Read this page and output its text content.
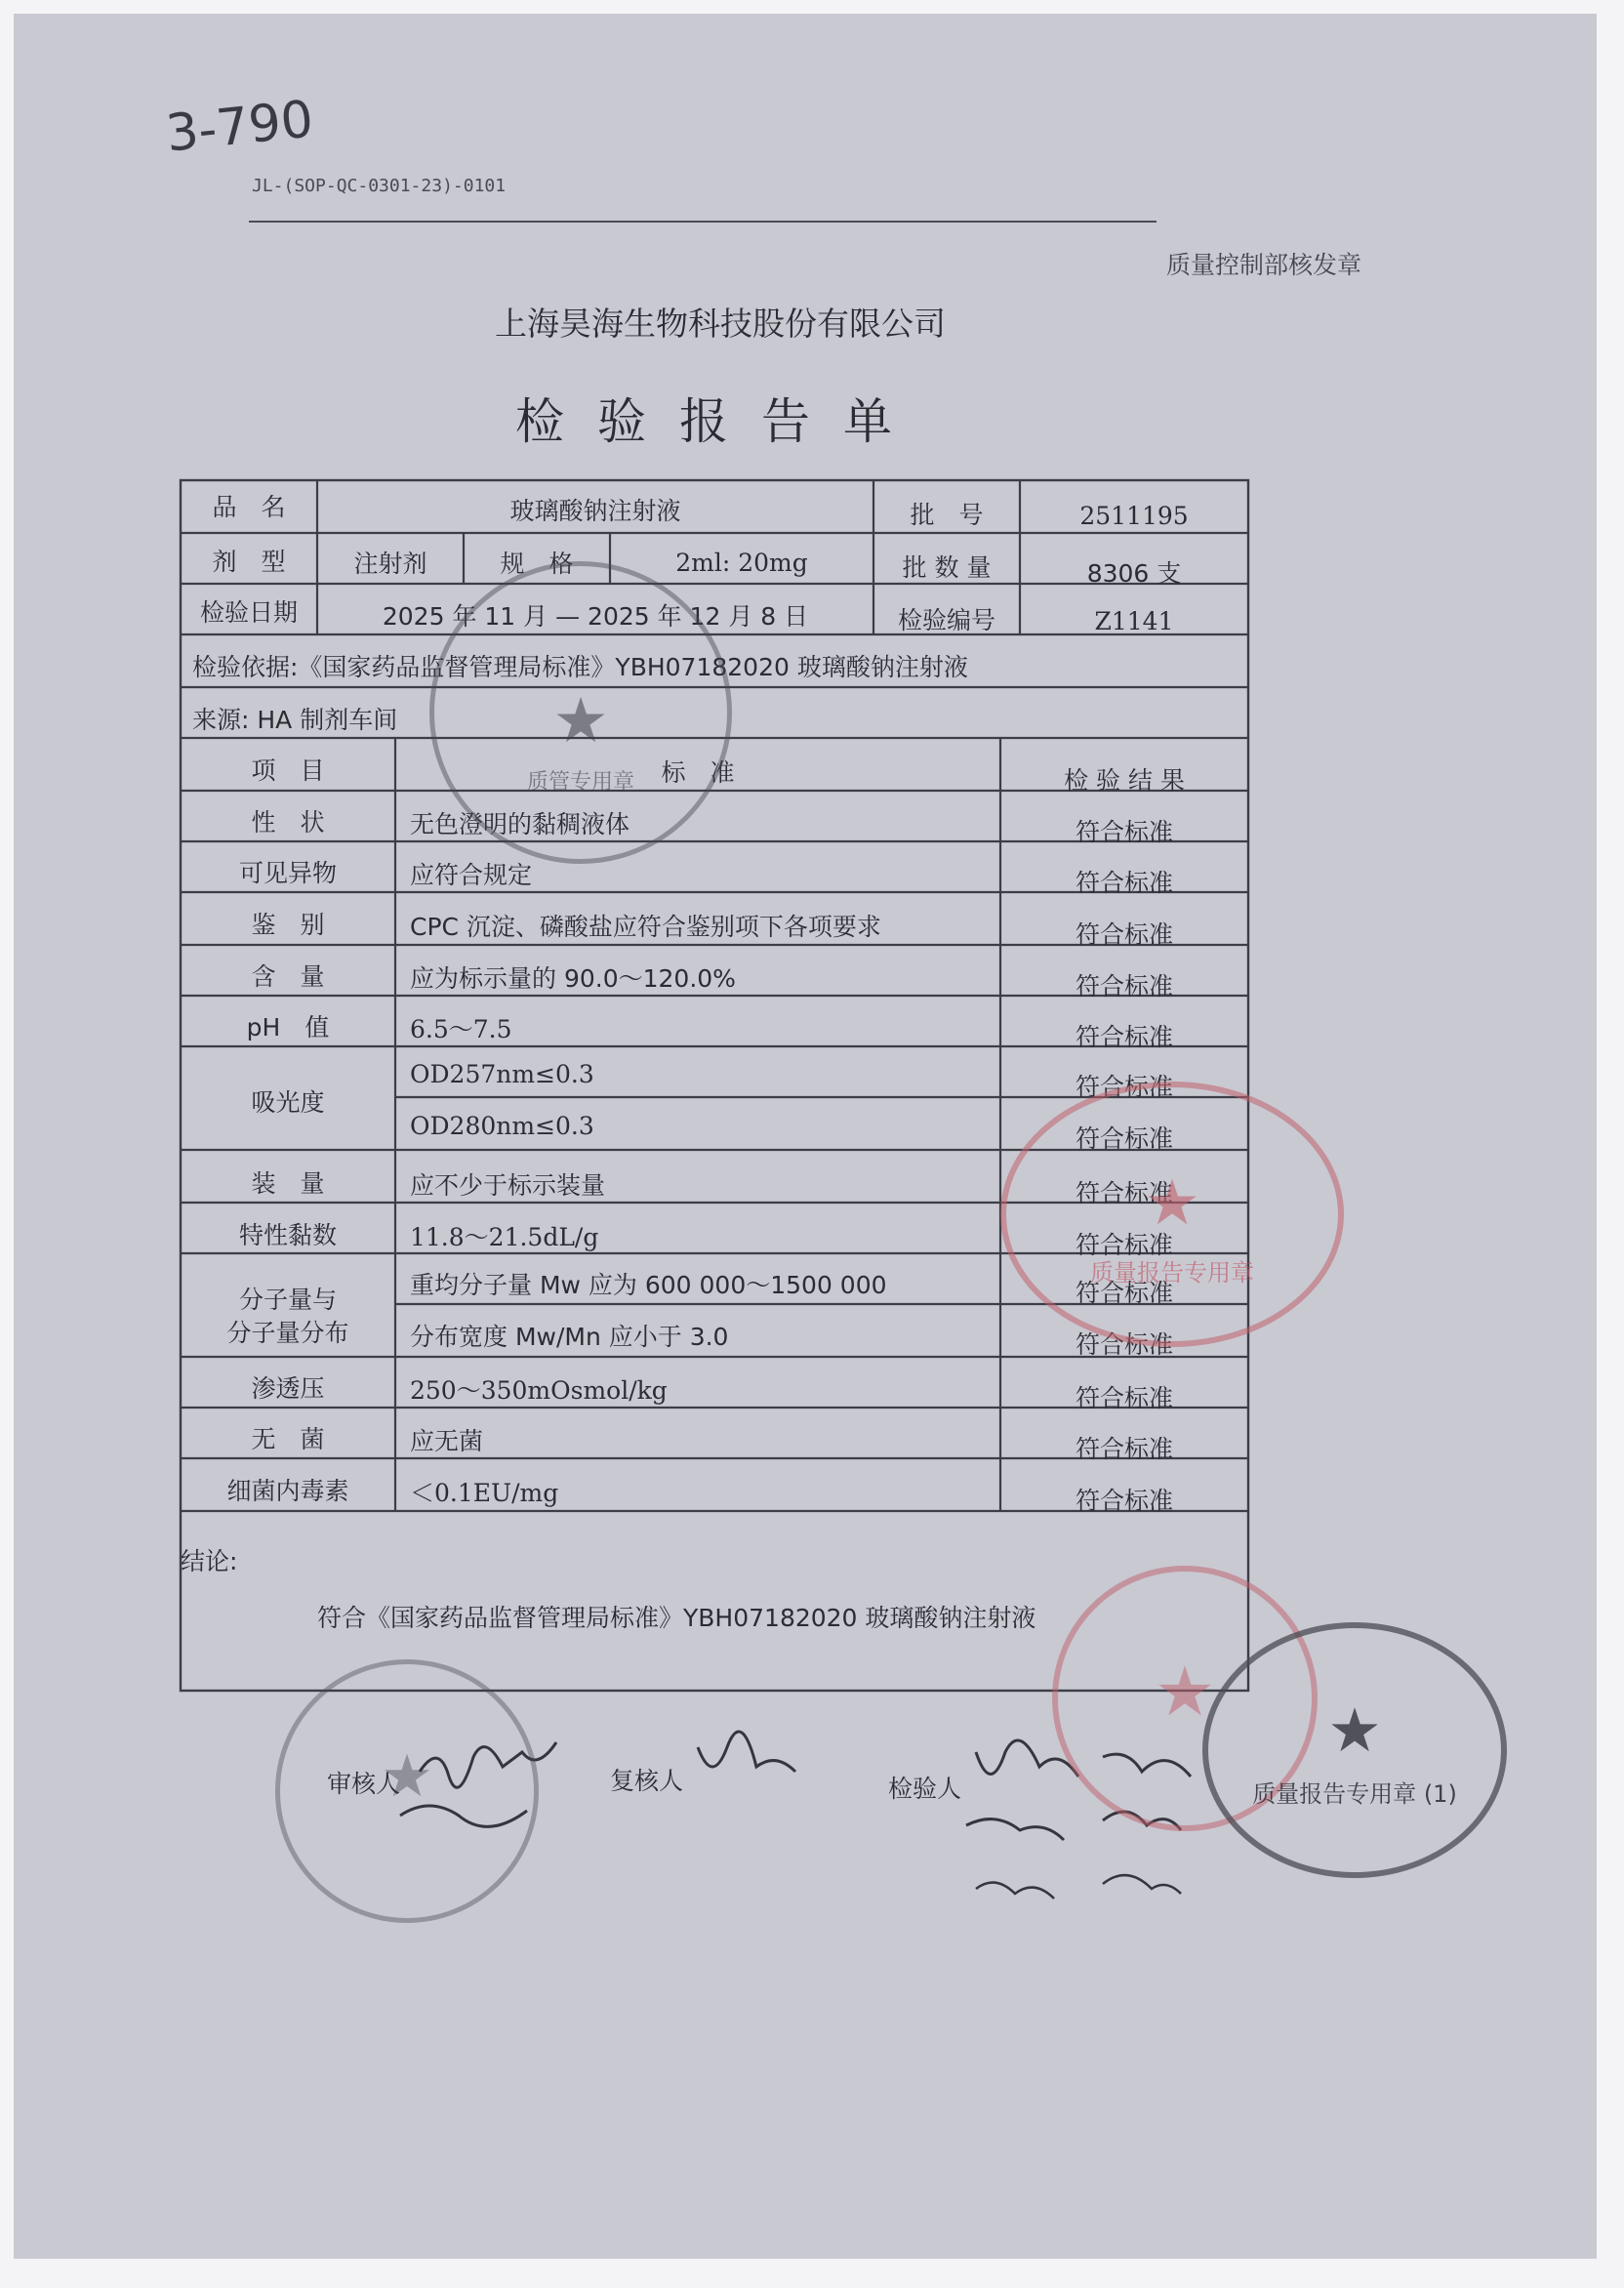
3-790
JL-(SOP-QC-0301-23)-0101
质量控制部核发章
上海昊海生物科技股份有限公司
检验报告单
品　名	玻璃酸钠注射液	批　号	2511195
剂　型	注射剂	规　格	2ml: 20mg	批 数 量	8306 支
检验日期	2025 年 11 月 — 2025 年 12 月 8 日	检验编号	Z1141
检验依据:《国家药品监督管理局标准》YBH07182020 玻璃酸钠注射液
来源: HA 制剂车间
项　目	标　准	检 验 结 果
性　状	无色澄明的黏稠液体	符合标准
可见异物	应符合规定	符合标准
鉴　别	CPC 沉淀、磷酸盐应符合鉴别项下各项要求	符合标准
含　量	应为标示量的 90.0～120.0%	符合标准
pH　值	6.5～7.5	符合标准
吸光度
OD257nm≤0.3	符合标准
OD280nm≤0.3	符合标准
装　量	应不少于标示装量	符合标准
特性黏数	11.8～21.5dL/g	符合标准
分子量与
分子量分布
重均分子量 Mw 应为 600 000～1500 000	符合标准
分布宽度 Mw/Mn 应小于 3.0	符合标准
渗透压	250～350mOsmol/kg	符合标准
无　菌	应无菌	符合标准
细菌内毒素	＜0.1EU/mg	符合标准
结论:
符合《国家药品监督管理局标准》YBH07182020 玻璃酸钠注射液
审核人	复核人	检验人
★
质管专用章
★
质量报告专用章
★	★
质量报告专用章 (1)
★
